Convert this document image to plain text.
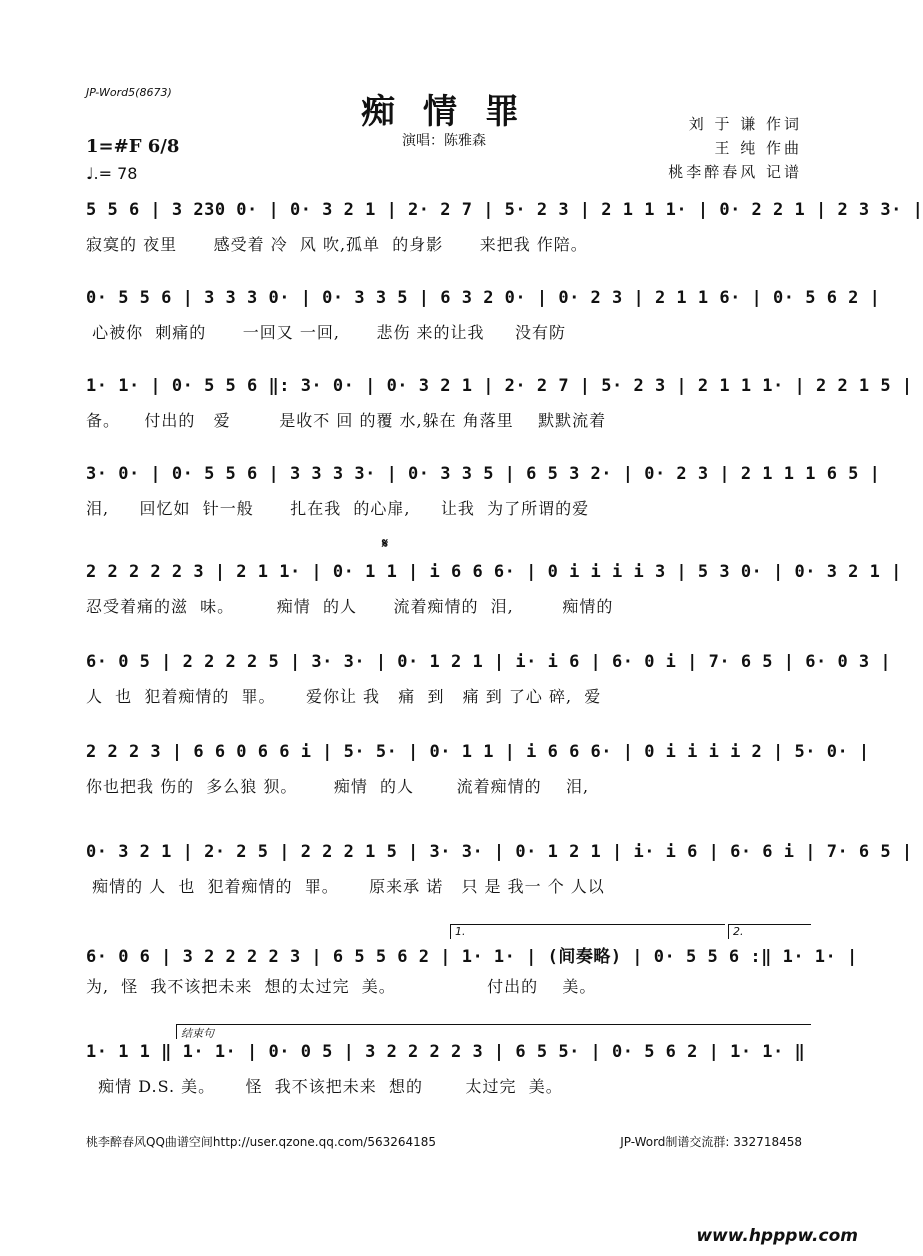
JP-Word5(8673)	痴 情 罪
演唱：陈雅森
刘 于 谦 作词
王 纯 作曲
桃李醉春风 记谱
1=#F 6/8
♩.= 78
𝄋
5 5 6 | 3 230 0· | 0· 3 2 1 | 2· 2 7 | 5· 2 3 | 2 1 1 1· | 0· 2 2 1 | 2 3 3· |
寂寞的 夜里      感受着 冷  风 吹,孤单  的身影      来把我 作陪。
0· 5 5 6 | 3 3 3 0· | 0· 3 3 5 | 6 3 2 0· | 0· 2 3 | 2 1 1 6· | 0· 5 6 2 |
心被你  刺痛的      一回又 一回,      悲伤 来的让我     没有防
1· 1· | 0· 5 5 6 ‖: 3· 0· | 0· 3 2 1 | 2· 2 7 | 5· 2 3 | 2 1 1 1· | 2 2 1 5 |
备。    付出的   爱        是收不 回 的覆 水,躲在 角落里    默默流着
3· 0· | 0· 5 5 6 | 3 3 3 3· | 0· 3 3 5 | 6 5 3 2· | 0· 2 3 | 2 1 1 1 6 5 |
泪,     回忆如  针一般      扎在我  的心扉,     让我  为了所谓的爱
2 2 2 2 2 3 | 2 1 1· | 0· 1 1 | i 6 6 6· | 0 i i i i 3 | 5 3 0· | 0· 3 2 1 |
忍受着痛的滋  味。       痴情  的人      流着痴情的  泪,        痴情的
6· 0 5 | 2 2 2 2 5 | 3· 3· | 0· 1 2 1 | i· i 6 | 6· 0 i | 7· 6 5 | 6· 0 3 |
人  也  犯着痴情的  罪。     爱你让 我   痛  到   痛 到 了心 碎,  爱
2 2 2 3 | 6 6 0 6 6 i | 5· 5· | 0· 1 1 | i 6 6 6· | 0 i i i i 2 | 5· 0· |
你也把我 伤的  多么狼 狈。      痴情  的人       流着痴情的    泪,
0· 3 2 1 | 2· 2 5 | 2 2 2 1 5 | 3· 3· | 0· 1 2 1 | i· i 6 | 6· 6 i | 7· 6 5 |
痴情的 人  也  犯着痴情的  罪。     原来承 诺   只 是 我一 个 人以
1.	2.
6· 0 6 | 3 2 2 2 2 3 | 6 5 5 6 2 | 1· 1· | (间奏略) | 0· 5 5 6 :‖ 1· 1· |
为,  怪  我不该把未来  想的太过完  美。               付出的    美。
结束句
1· 1 1 ‖ 1· 1· | 0· 0 5 | 3 2 2 2 2 3 | 6 5 5· | 0· 5 6 2 | 1· 1· ‖
痴情 D.S. 美。     怪  我不该把未来  想的       太过完  美。
桃李醉春风QQ曲谱空间http://user.qzone.qq.com/563264185	JP-Word制谱交流群: 332718458
www.hpppw.com
